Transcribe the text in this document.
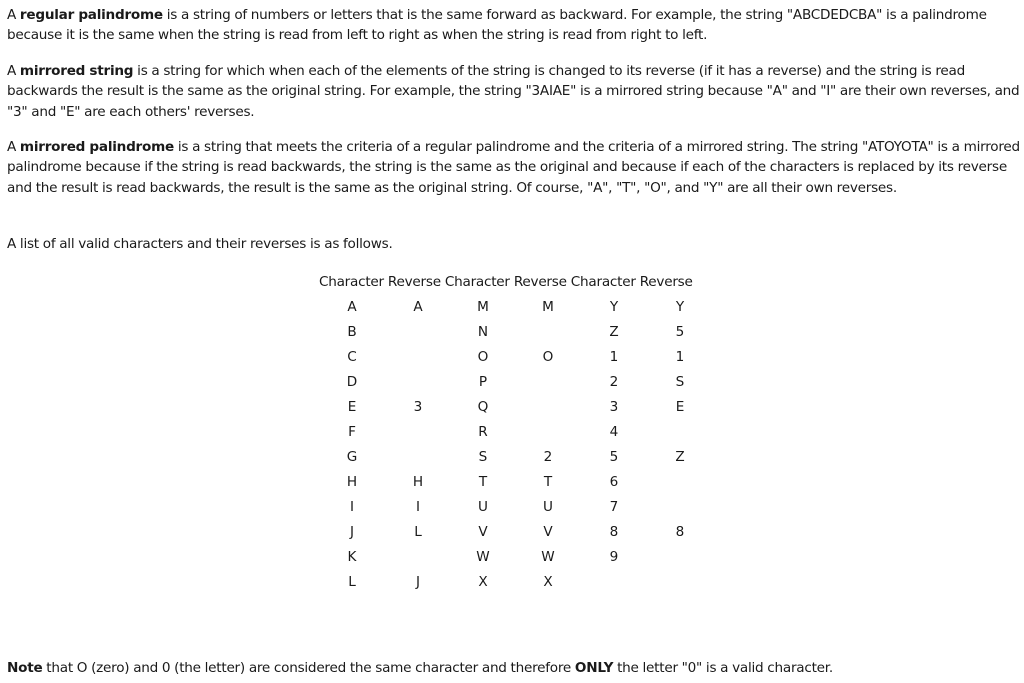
A regular palindrome is a string of numbers or letters that is the same forward as backward. For example, the string "ABCDEDCBA" is a palindrome because it is the same when the string is read from left to right as when the string is read from right to left.

A mirrored string is a string for which when each of the elements of the string is changed to its reverse (if it has a reverse) and the string is read backwards the result is the same as the original string. For example, the string "3AIAE" is a mirrored string because "A" and "I" are their own reverses, and "3" and "E" are each others' reverses.

A mirrored palindrome is a string that meets the criteria of a regular palindrome and the criteria of a mirrored string. The string "ATOYOTA" is a mirrored palindrome because if the string is read backwards, the string is the same as the original and because if each of the characters is replaced by its reverse and the result is read backwards, the result is the same as the original string. Of course, "A", "T", "O", and "Y" are all their own reverses.

A list of all valid characters and their reverses is as follows.

Character Reverse Character Reverse Character Reverse
A
B
C
D
E
F
G
H
I
J
K
L
A
3
H
I
L
J
M
N
O
P
Q
R
S
T
U
V
W
X
M
O
2
T
U
V
W
X
Y
Z
1
2
3
4
5
6
7
8
9
Y
5
1
S
E
Z
8

Note that O (zero) and 0 (the letter) are considered the same character and therefore ONLY the letter "0" is a valid character.
